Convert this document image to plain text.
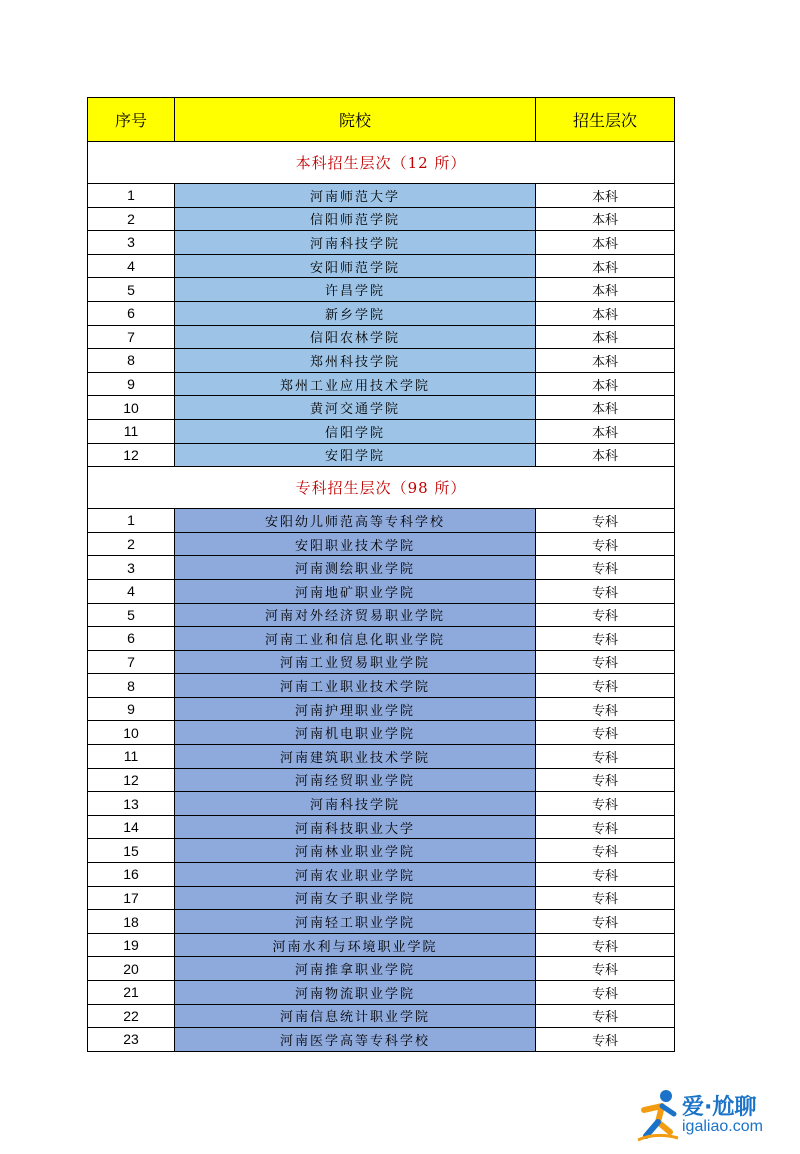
序号	院校	招生层次
本科招生层次（12 所）		
1	河南师范大学	本科
2	信阳师范学院	本科
3	河南科技学院	本科
4	安阳师范学院	本科
5	许昌学院	本科
6	新乡学院	本科
7	信阳农林学院	本科
8	郑州科技学院	本科
9	郑州工业应用技术学院	本科
10	黄河交通学院	本科
11	信阳学院	本科
12	安阳学院	本科
专科招生层次（98 所）		
1	安阳幼儿师范高等专科学校	专科
2	安阳职业技术学院	专科
3	河南测绘职业学院	专科
4	河南地矿职业学院	专科
5	河南对外经济贸易职业学院	专科
6	河南工业和信息化职业学院	专科
7	河南工业贸易职业学院	专科
8	河南工业职业技术学院	专科
9	河南护理职业学院	专科
10	河南机电职业学院	专科
11	河南建筑职业技术学院	专科
12	河南经贸职业学院	专科
13	河南科技学院	专科
14	河南科技职业大学	专科
15	河南林业职业学院	专科
16	河南农业职业学院	专科
17	河南女子职业学院	专科
18	河南轻工职业学院	专科
19	河南水利与环境职业学院	专科
20	河南推拿职业学院	专科
21	河南物流职业学院	专科
22	河南信息统计职业学院	专科
23	河南医学高等专科学校	专科
爱·尬聊
igaliao.com
